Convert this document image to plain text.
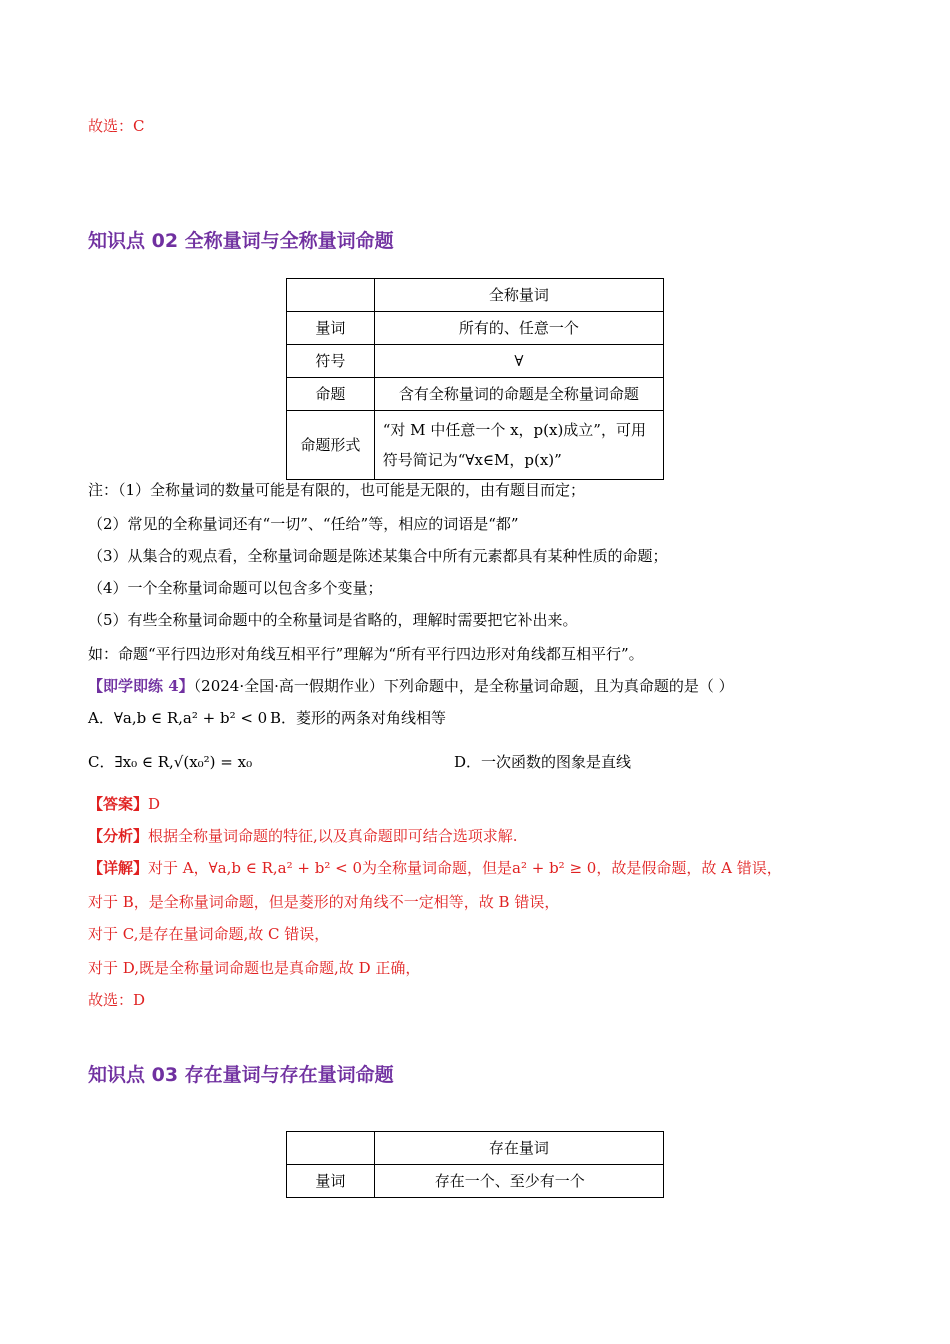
故选：C
知识点 02 全称量词与全称量词命题
	全称量词
量词	所有的、任意一个
符号	∀
命题	含有全称量词的命题是全称量词命题
命题形式	“对 M 中任意一个 x，p(x)成立”，可用
符号简记为“∀x∈M，p(x)”
注：（1）全称量词的数量可能是有限的，也可能是无限的，由有题目而定；
（2）常见的全称量词还有“一切”、“任给”等，相应的词语是“都”
（3）从集合的观点看，全称量词命题是陈述某集合中所有元素都具有某种性质的命题；
（4）一个全称量词命题可以包含多个变量；
（5）有些全称量词命题中的全称量词是省略的，理解时需要把它补出来。
如：命题“平行四边形对角线互相平行”理解为“所有平行四边形对角线都互相平行”。
【即学即练 4】（2024·全国·高一假期作业）下列命题中，是全称量词命题，且为真命题的是（ ）
A．∀a,b ∈ R,a² + b² < 0 B．菱形的两条对角线相等
C．∃x₀ ∈ R,√(x₀²) = x₀	D．一次函数的图象是直线
【答案】D
【分析】根据全称量词命题的特征,以及真命题即可结合选项求解.
【详解】对于 A，∀a,b ∈ R,a² + b² < 0为全称量词命题，但是a² + b² ≥ 0，故是假命题，故 A 错误，
对于 B，是全称量词命题，但是菱形的对角线不一定相等，故 B 错误，
对于 C,是存在量词命题,故 C 错误，
对于 D,既是全称量词命题也是真命题,故 D 正确，
故选：D
知识点 03 存在量词与存在量词命题
	存在量词
量词	存在一个、至少有一个
